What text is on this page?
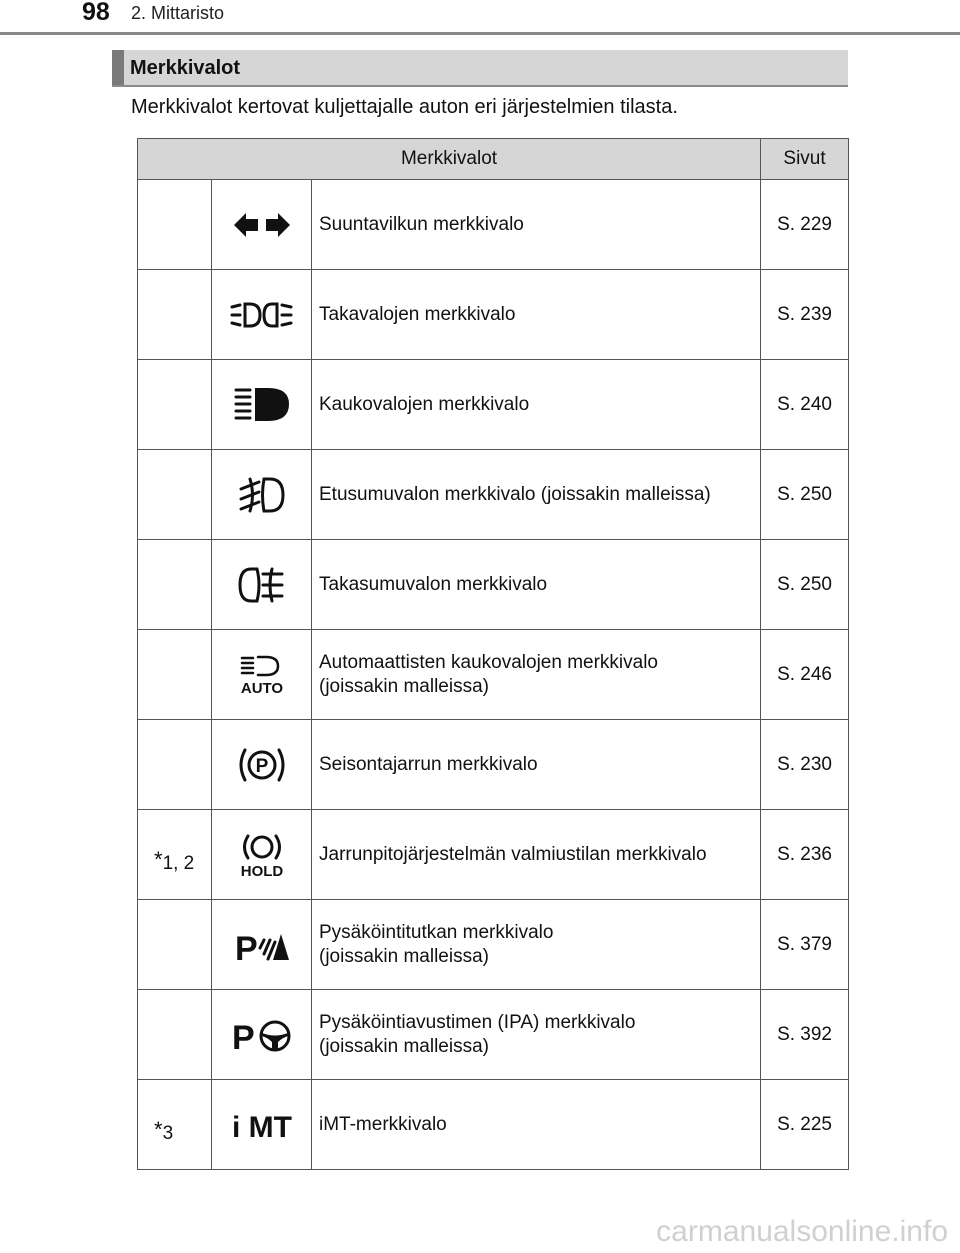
98 2. Mittaristo
Merkkivalot
Merkkivalot kertovat kuljettajalle auton eri järjestelmien tilasta.
Merkkivalot			Sivut

Suuntavilkun merkkivalo	S. 229

Takavalojen merkkivalo	S. 239

Kaukovalojen merkkivalo	S. 240

Etusumuvalon merkkivalo (joissakin malleissa)	S. 250

Takasumuvalon merkkivalo	S. 250

AUTO	Automaattisten kaukovalojen merkkivalo
(joissakin malleissa)	S. 246

P	Seisontajarrun merkkivalo	S. 230
*1, 2	HOLD	Jarrunpitojärjestelmän valmiustilan merkkivalo	S. 236

P	Pysäköintitutkan merkkivalo
(joissakin malleissa)	S. 379

P	Pysäköintiavustimen (IPA) merkkivalo
(joissakin malleissa)	S. 392
*3	i MT	iMT-merkkivalo	S. 225
carmanualsonline.info
